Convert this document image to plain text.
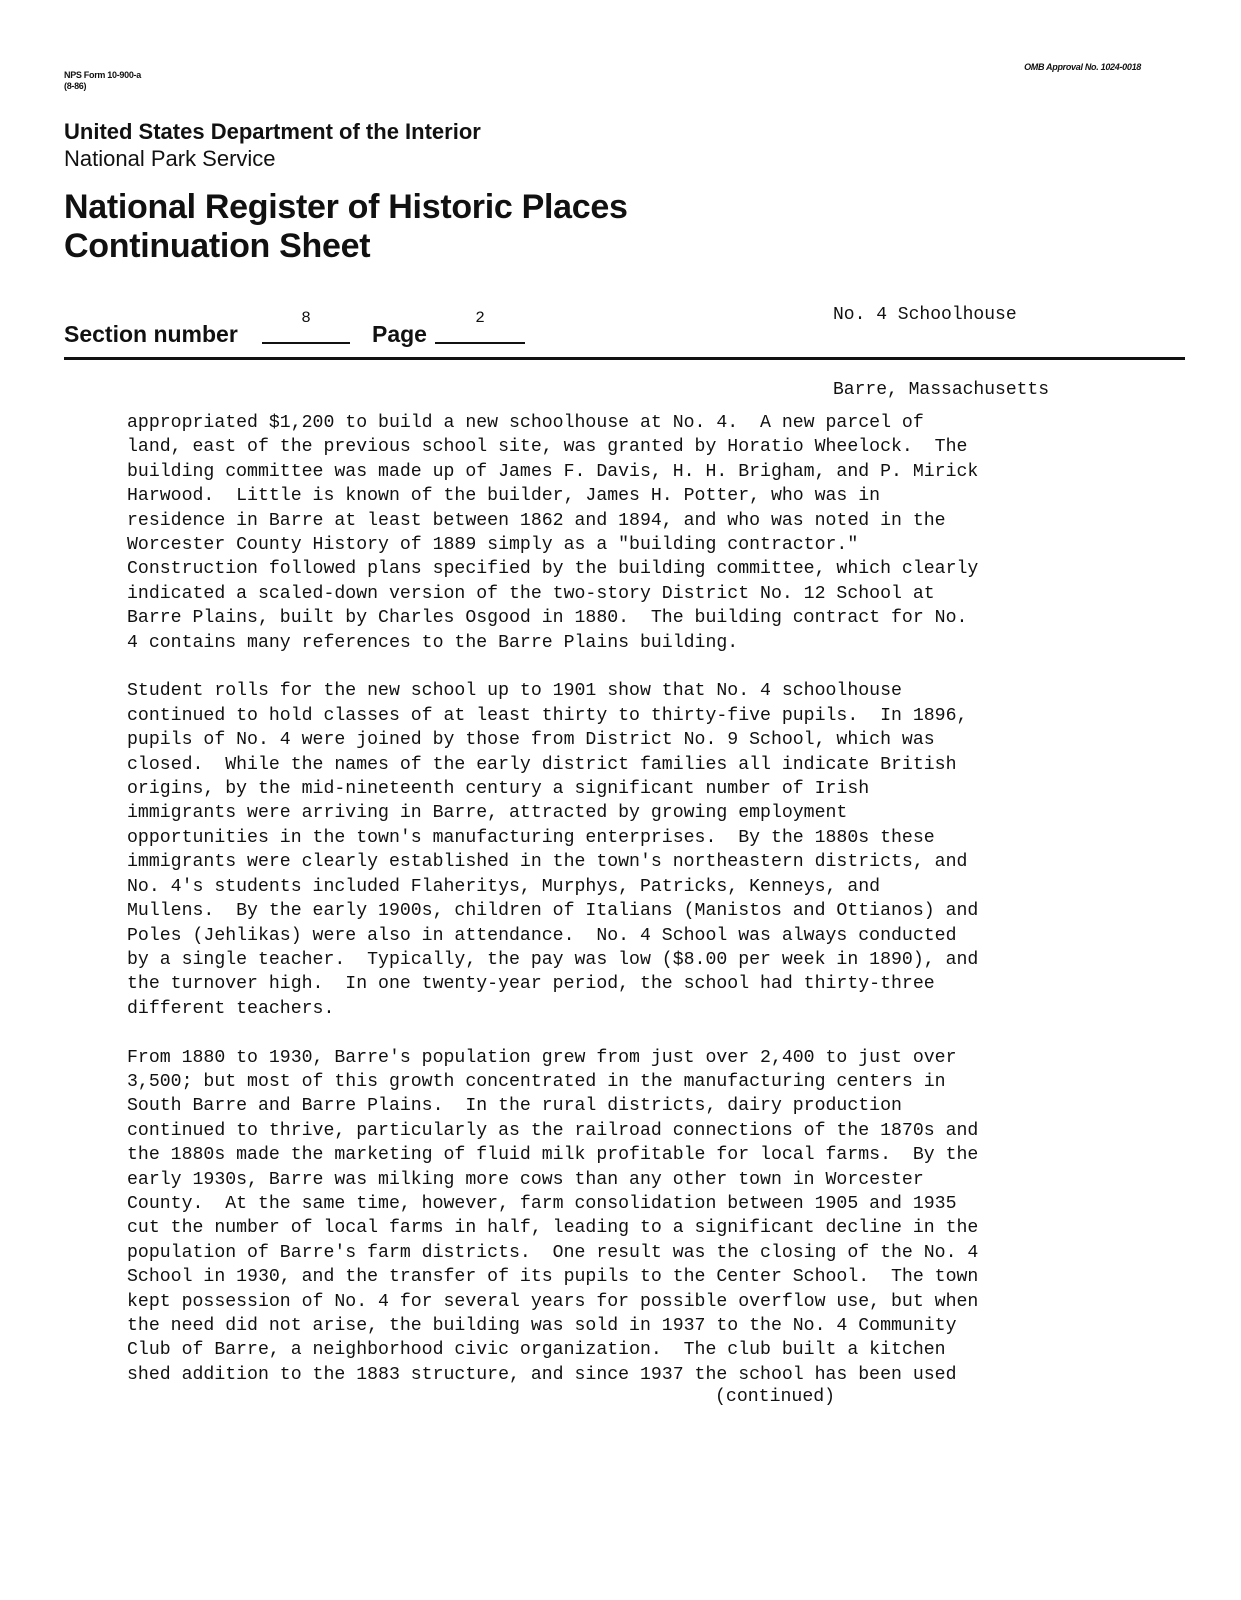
NPS Form 10-900-a
(8-86)
OMB Approval No. 1024-0018
United States Department of the Interior
National Park Service
National Register of Historic Places
Continuation Sheet

No. 4 Schoolhouse

Barre, Massachusetts

Section number
8
Page
2

appropriated $1,200 to build a new schoolhouse at No. 4.  A new parcel of
land, east of the previous school site, was granted by Horatio Wheelock.  The
building committee was made up of James F. Davis, H. H. Brigham, and P. Mirick
Harwood.  Little is known of the builder, James H. Potter, who was in
residence in Barre at least between 1862 and 1894, and who was noted in the
Worcester County History of 1889 simply as a "building contractor."
Construction followed plans specified by the building committee, which clearly
indicated a scaled-down version of the two-story District No. 12 School at
Barre Plains, built by Charles Osgood in 1880.  The building contract for No.
4 contains many references to the Barre Plains building.

Student rolls for the new school up to 1901 show that No. 4 schoolhouse
continued to hold classes of at least thirty to thirty-five pupils.  In 1896,
pupils of No. 4 were joined by those from District No. 9 School, which was
closed.  While the names of the early district families all indicate British
origins, by the mid-nineteenth century a significant number of Irish
immigrants were arriving in Barre, attracted by growing employment
opportunities in the town's manufacturing enterprises.  By the 1880s these
immigrants were clearly established in the town's northeastern districts, and
No. 4's students included Flaheritys, Murphys, Patricks, Kenneys, and
Mullens.  By the early 1900s, children of Italians (Manistos and Ottianos) and
Poles (Jehlikas) were also in attendance.  No. 4 School was always conducted
by a single teacher.  Typically, the pay was low ($8.00 per week in 1890), and
the turnover high.  In one twenty-year period, the school had thirty-three
different teachers.

From 1880 to 1930, Barre's population grew from just over 2,400 to just over
3,500; but most of this growth concentrated in the manufacturing centers in
South Barre and Barre Plains.  In the rural districts, dairy production
continued to thrive, particularly as the railroad connections of the 1870s and
the 1880s made the marketing of fluid milk profitable for local farms.  By the
early 1930s, Barre was milking more cows than any other town in Worcester
County.  At the same time, however, farm consolidation between 1905 and 1935
cut the number of local farms in half, leading to a significant decline in the
population of Barre's farm districts.  One result was the closing of the No. 4
School in 1930, and the transfer of its pupils to the Center School.  The town
kept possession of No. 4 for several years for possible overflow use, but when
the need did not arise, the building was sold in 1937 to the No. 4 Community
Club of Barre, a neighborhood civic organization.  The club built a kitchen
shed addition to the 1883 structure, and since 1937 the school has been used

(continued)
